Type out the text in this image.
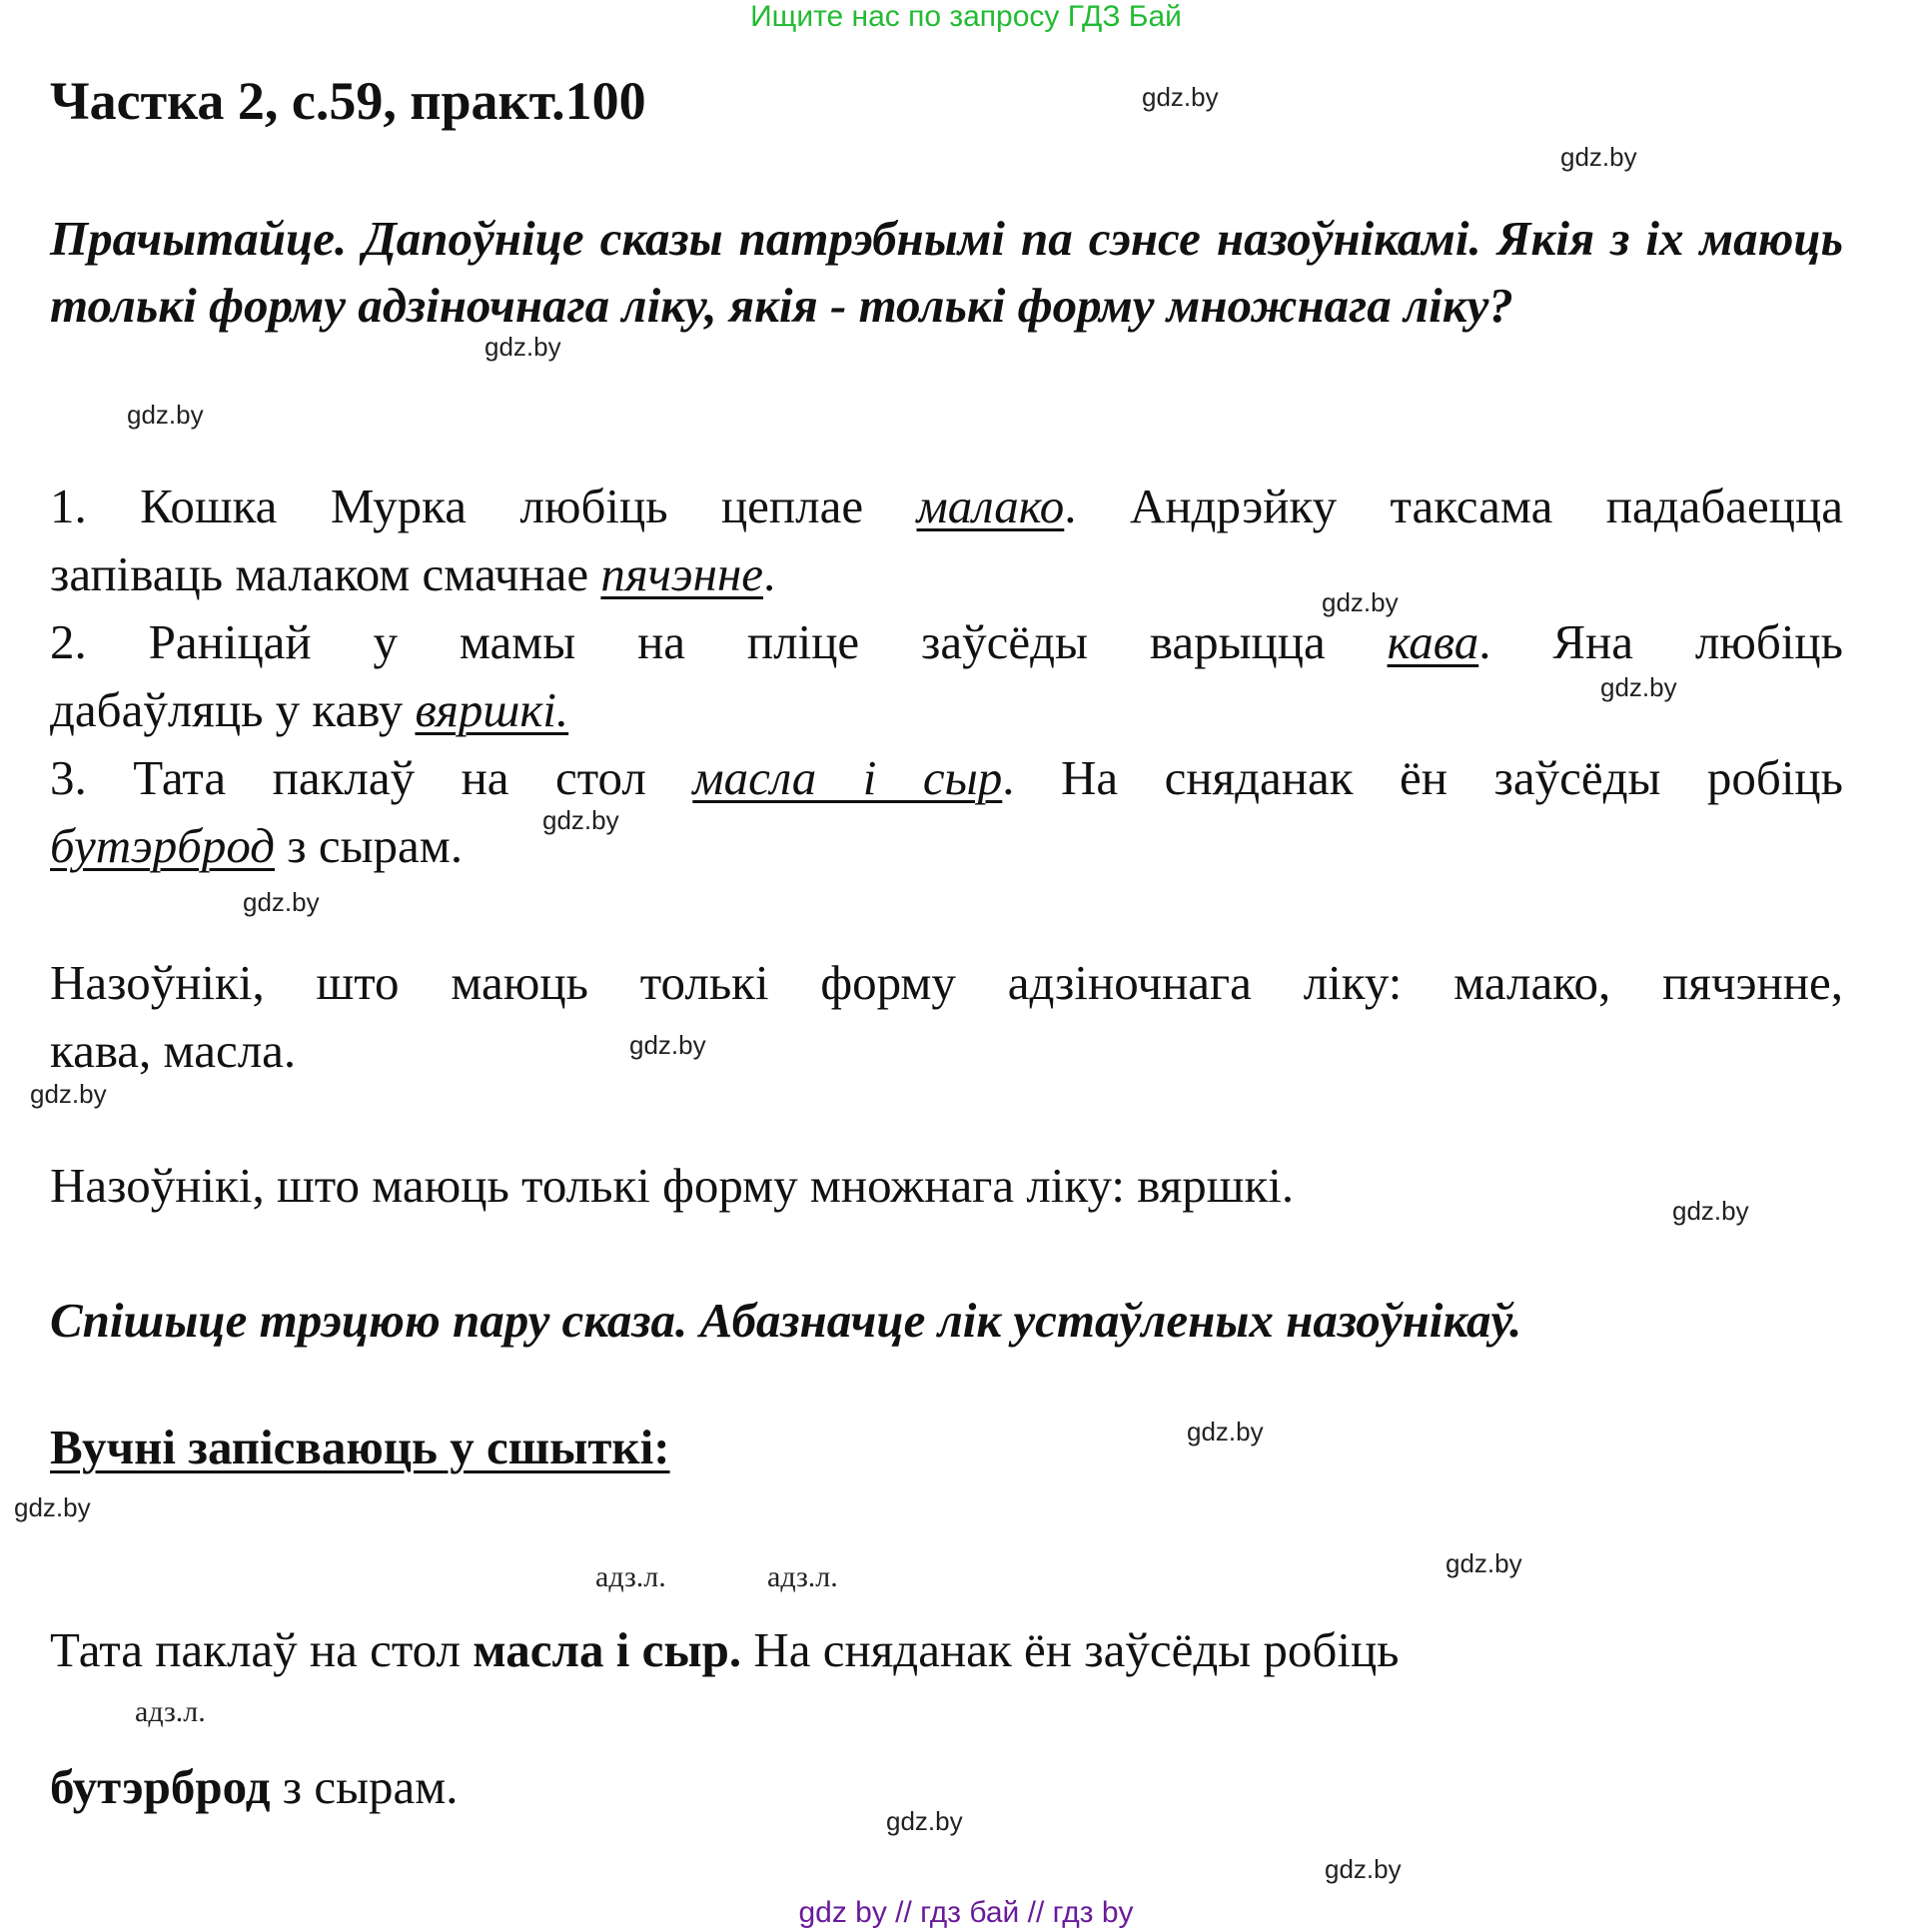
Ищите нас по запросу ГДЗ Бай
Частка 2, с.59, практ.100
Прачытайце. Дапоўніце сказы патрэбнымі па сэнсе назоўнікамі. Якія з іх маюць толькі форму адзіночнага ліку, якія - толькі форму множнага ліку?
1. Кошка Мурка любіць цеплае малако. Андрэйку таксама падабаецца
запіваць малаком смачнае пячэнне.
2. Раніцай у мамы на пліце заўсёды варыцца кава. Яна любіць
дабаўляць у каву вяршкі.
3. Тата паклаў на стол масла і сыр. На сняданак ён заўсёды робіць
бутэрброд з сырам.
Назоўнікі, што маюць толькі форму адзіночнага ліку: малако, пячэнне,
кава, масла.
Назоўнікі, што маюць толькі форму множнага ліку: вяршкі.
Спішыце трэцюю пару сказа. Абазначце лік устаўленых назоўнікаў.
Вучні запісваюць у сшыткі:
адз.л.	адз.л.
Тата паклаў на стол масла і сыр. На сняданак ён заўсёды робіць
адз.л.
бутэрброд з сырам.
gdz.by
gdz.by
gdz.by
gdz.by
gdz.by
gdz.by
gdz.by
gdz.by
gdz.by
gdz.by
gdz.by
gdz.by
gdz.by
gdz.by
gdz.by
gdz.by
gdz by // гдз бай // гдз by
